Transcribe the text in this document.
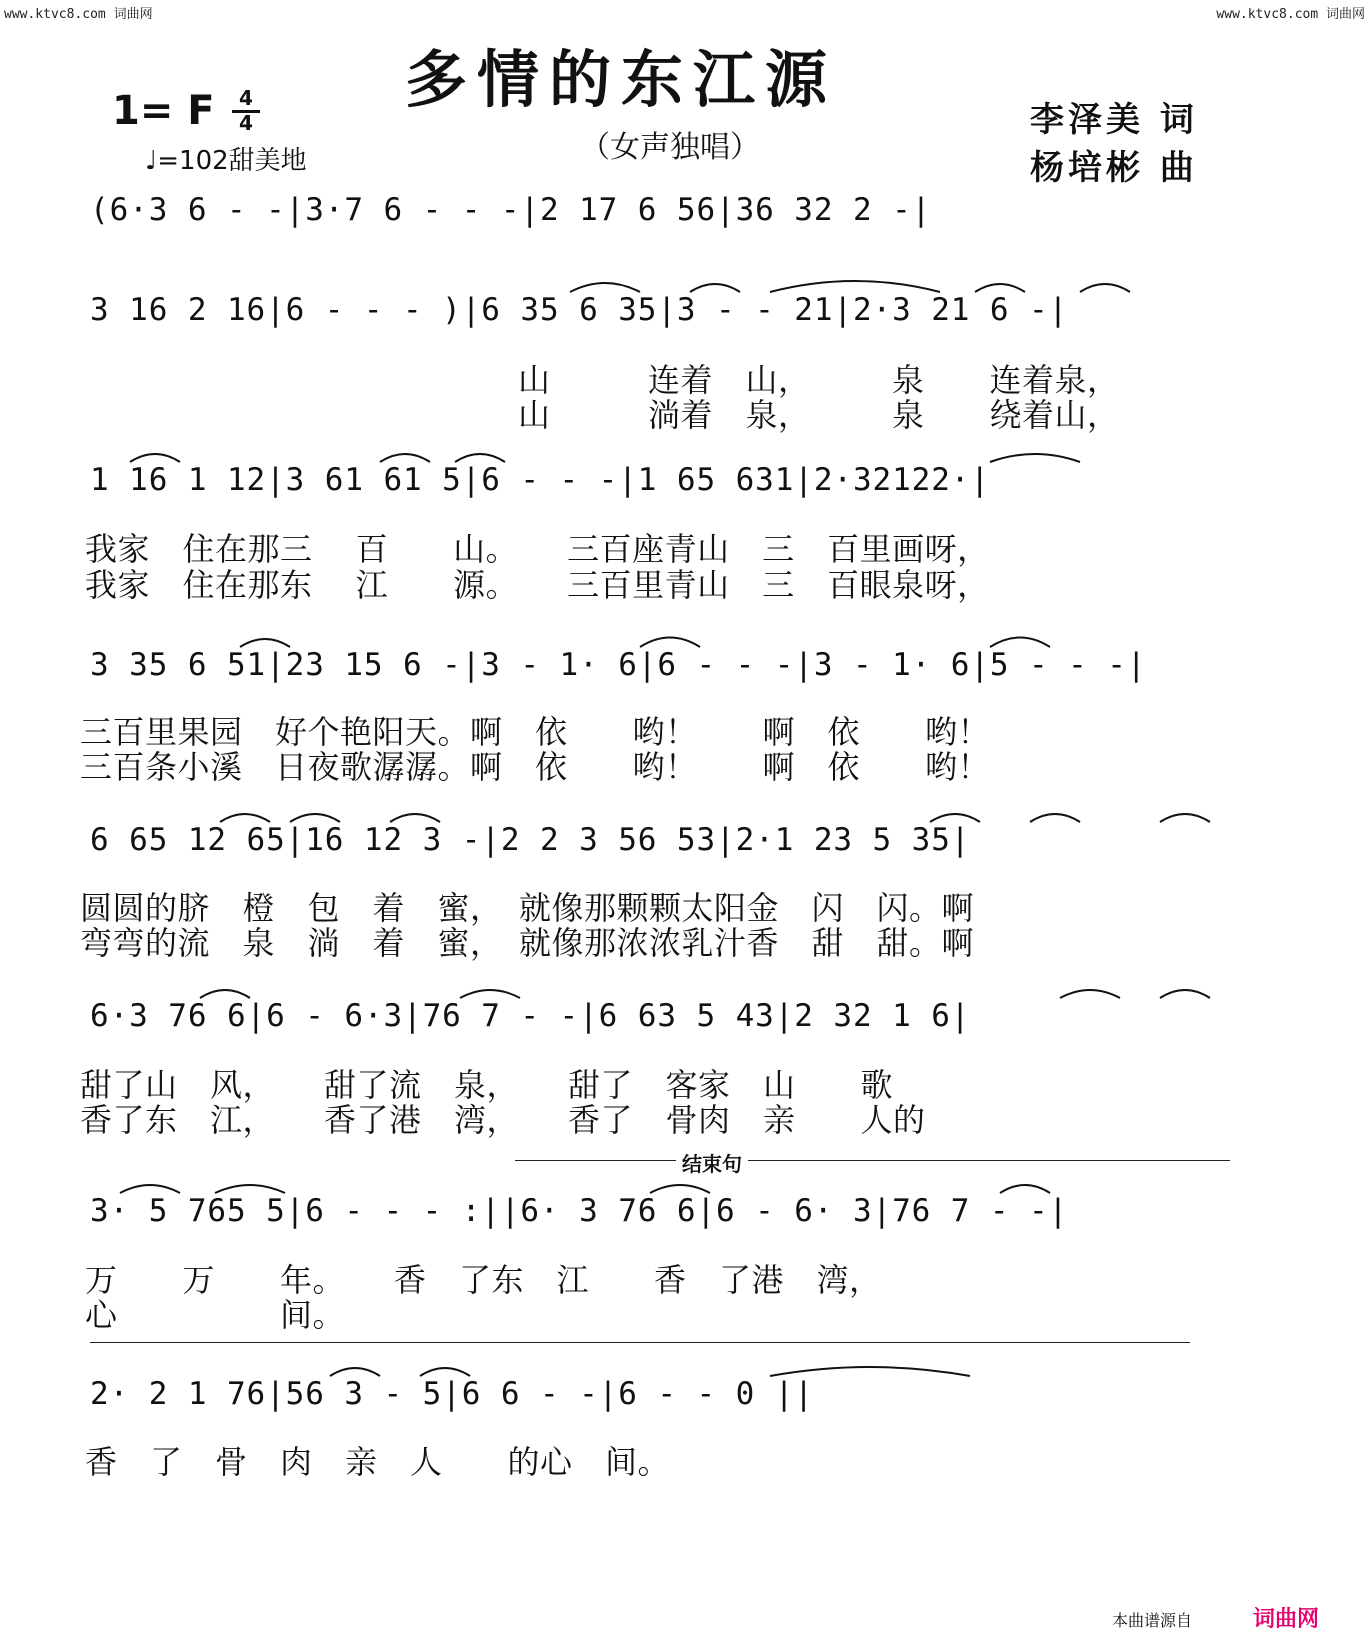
www.ktvc8.com 词曲网	www.ktvc8.com 词曲网
多情的东江源
（女声独唱）
1= F	4
4
♩=102甜美地
李泽美 词
杨培彬 曲
(6·3 6 - -|3·7 6 - - -|2 17 6 56|36 32 2 -|
3 16 2 16|6 - - - )|6 35 6 35|3 - - 21|2·3 21 6 -|
山　　　连着　山，　　　泉　　连着泉，
山　　　淌着　泉，　　　泉　　绕着山，
1 16 1 12|3 61 61 5|6 - - -|1 65 631|2·32122·|
我家　住在那三　 百　　山。　　三百座青山　三　百里画呀，
我家　住在那东　 江　　源。　　三百里青山　三　百眼泉呀，
3 35 6 51|23 15 6 -|3 - 1· 6|6 - - -|3 - 1· 6|5 - - -|
三百里果园　好个艳阳天。啊　依　　哟！　　啊　依　　哟！
三百条小溪　日夜歌潺潺。啊　依　　哟！　　啊　依　　哟！
6 65 12 65|16 12 3 -|2 2 3 56 53|2·1 23 5 35|
圆圆的脐　橙　包　着　蜜，　就像那颗颗太阳金　闪　闪。啊
弯弯的流　泉　淌　着　蜜，　就像那浓浓乳汁香　甜　甜。啊
6·3 76 6|6 - 6·3|76 7 - -|6 63 5 43|2 32 1 6|
甜了山　风，　　甜了流　泉，　　甜了　客家　山　　歌
香了东　江，　　香了港　湾，　　香了　骨肉　亲　　人的
结束句
3· 5 765 5|6 - - - :||6· 3 76 6|6 - 6· 3|76 7 - -|
万　　万　　年。　　香　了东　江　　香　了港　湾，
心　　　　　间。
2· 2 1 76|56 3 - 5|6 6 - -|6 - - 0 ||
香　了　骨　肉　亲　人　　的心　间。
本曲谱源自	词曲网
